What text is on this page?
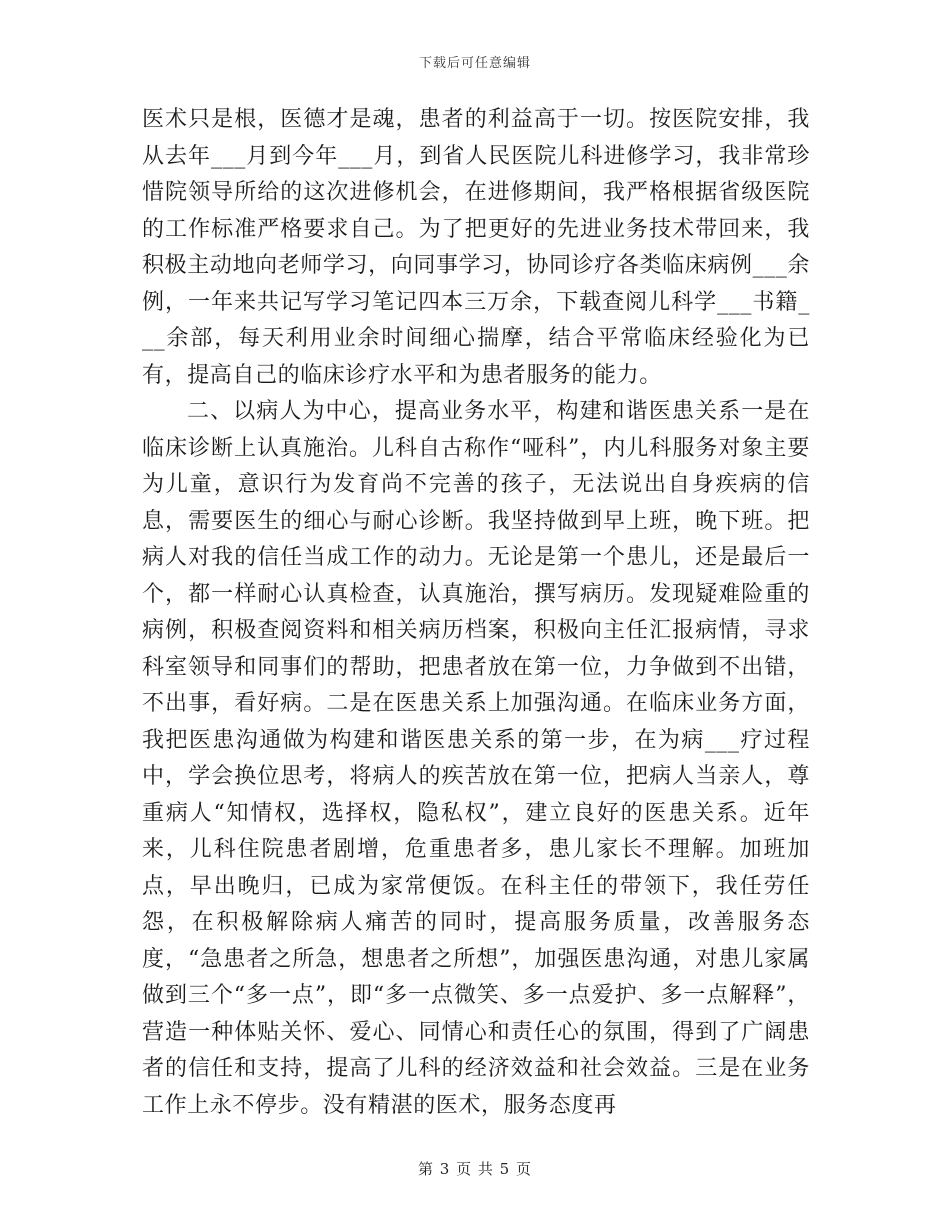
下载后可任意编辑

医术只是根，医德才是魂，患者的利益高于一切。按医院安排，我从去年___月到今年___月，到省人民医院儿科进修学习，我非常珍惜院领导所给的这次进修机会，在进修期间，我严格根据省级医院的工作标准严格要求自己。为了把更好的先进业务技术带回来，我积极主动地向老师学习，向同事学习，协同诊疗各类临床病例___余例，一年来共记写学习笔记四本三万余，下载查阅儿科学___书籍___余部，每天利用业余时间细心揣摩，结合平常临床经验化为已有，提高自己的临床诊疗水平和为患者服务的能力。

二、以病人为中心，提高业务水平，构建和谐医患关系一是在临床诊断上认真施治。儿科自古称作“哑科”，内儿科服务对象主要为儿童，意识行为发育尚不完善的孩子，无法说出自身疾病的信息，需要医生的细心与耐心诊断。我坚持做到早上班，晚下班。把病人对我的信任当成工作的动力。无论是第一个患儿，还是最后一个，都一样耐心认真检查，认真施治，撰写病历。发现疑难险重的病例，积极查阅资料和相关病历档案，积极向主任汇报病情，寻求科室领导和同事们的帮助，把患者放在第一位，力争做到不出错，不出事，看好病。二是在医患关系上加强沟通。在临床业务方面，我把医患沟通做为构建和谐医患关系的第一步，在为病___疗过程中，学会换位思考，将病人的疾苦放在第一位，把病人当亲人，尊重病人“知情权，选择权，隐私权”，建立良好的医患关系。近年来，儿科住院患者剧增，危重患者多，患儿家长不理解。加班加点，早出晚归，已成为家常便饭。在科主任的带领下，我任劳任怨，在积极解除病人痛苦的同时，提高服务质量，改善服务态度，“急患者之所急，想患者之所想”，加强医患沟通，对患儿家属做到三个“多一点”，即“多一点微笑、多一点爱护、多一点解释”，营造一种体贴关怀、爱心、同情心和责任心的氛围，得到了广阔患者的信任和支持，提高了儿科的经济效益和社会效益。三是在业务工作上永不停步。没有精湛的医术，服务态度再

第 3 页 共 5 页
